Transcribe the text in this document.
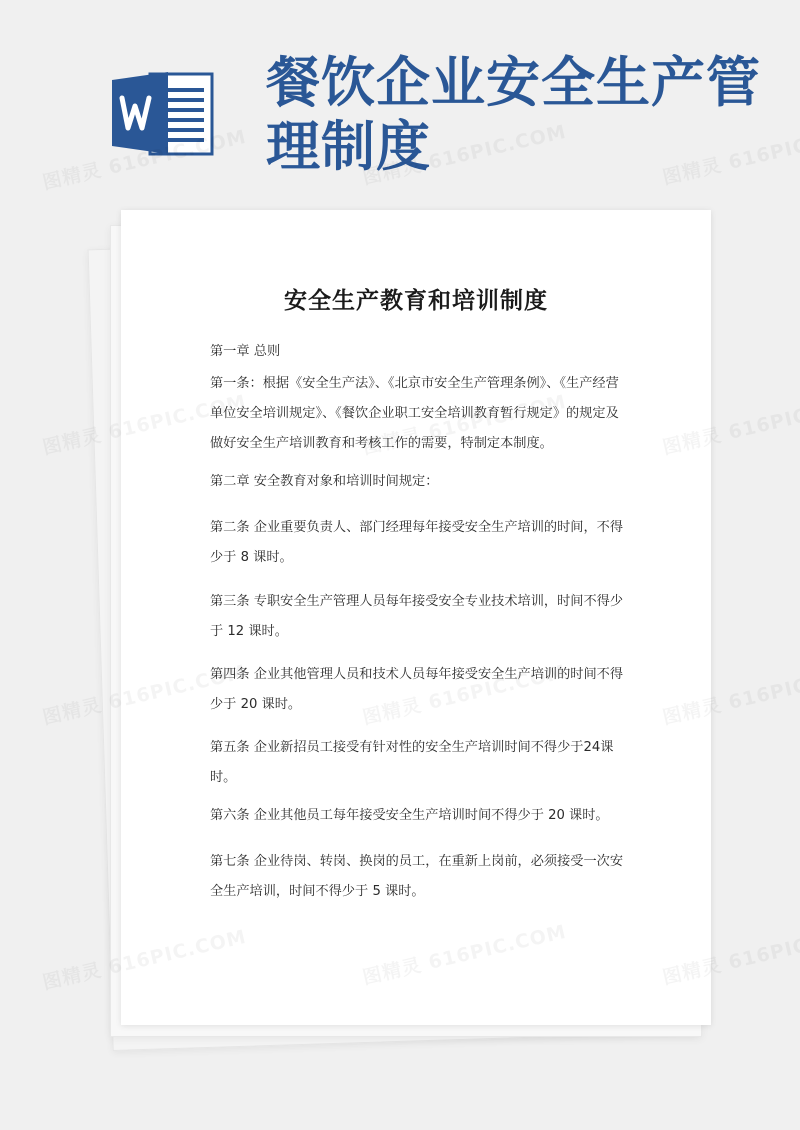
餐饮企业安全生产管理制度
安全生产教育和培训制度

第一章 总则

第一条：根据《安全生产法》、《北京市安全生产管理条例》、《生产经营单位安全培训规定》、《餐饮企业职工安全培训教育暂行规定》的规定及做好安全生产培训教育和考核工作的需要，特制定本制度。

第二章 安全教育对象和培训时间规定：

第二条 企业重要负责人、部门经理每年接受安全生产培训的时间，不得少于 8 课时。

第三条 专职安全生产管理人员每年接受安全专业技术培训，时间不得少于 12 课时。

第四条 企业其他管理人员和技术人员每年接受安全生产培训的时间不得少于 20 课时。

第五条 企业新招员工接受有针对性的安全生产培训时间不得少于24课时。

第六条 企业其他员工每年接受安全生产培训时间不得少于 20 课时。

第七条 企业待岗、转岗、换岗的员工，在重新上岗前，必须接受一次安全生产培训，时间不得少于 5 课时。
